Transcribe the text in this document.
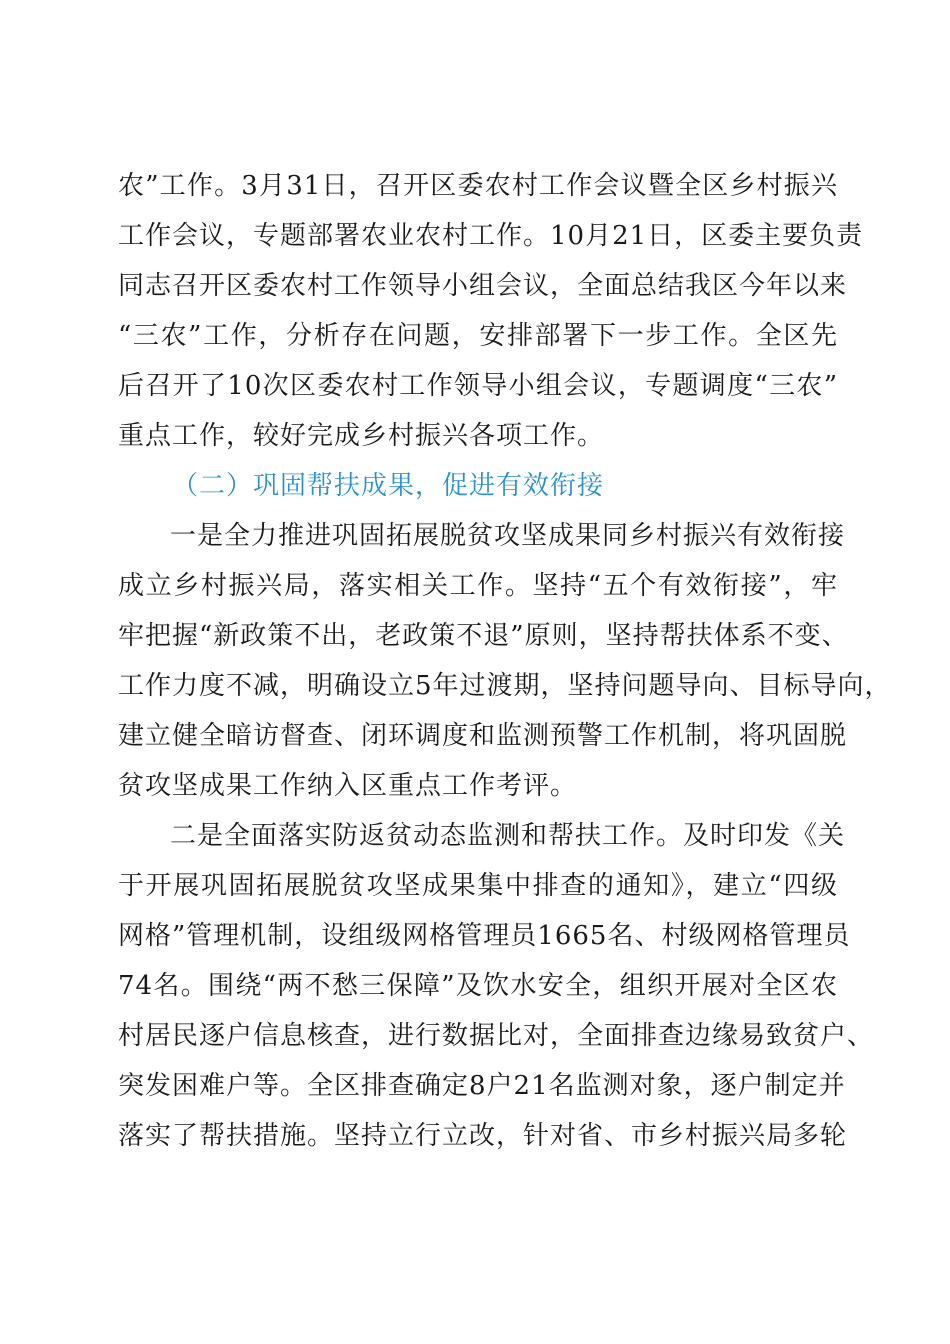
农”工作。3月31日，召开区委农村工作会议暨全区乡村振兴
工作会议，专题部署农业农村工作。10月21日，区委主要负责
同志召开区委农村工作领导小组会议，全面总结我区今年以来
“三农”工作，分析存在问题，安排部署下一步工作。全区先
后召开了10次区委农村工作领导小组会议，专题调度“三农”
重点工作，较好完成乡村振兴各项工作。
（二）巩固帮扶成果，促进有效衔接
一是全力推进巩固拓展脱贫攻坚成果同乡村振兴有效衔接
成立乡村振兴局，落实相关工作。坚持“五个有效衔接”，牢
牢把握“新政策不出，老政策不退”原则，坚持帮扶体系不变、
工作力度不减，明确设立5年过渡期，坚持问题导向、目标导向，
建立健全暗访督查、闭环调度和监测预警工作机制，将巩固脱
贫攻坚成果工作纳入区重点工作考评。
二是全面落实防返贫动态监测和帮扶工作。及时印发《关
于开展巩固拓展脱贫攻坚成果集中排查的通知》，建立“四级
网格”管理机制，设组级网格管理员1665名、村级网格管理员
74名。围绕“两不愁三保障”及饮水安全，组织开展对全区农
村居民逐户信息核查，进行数据比对，全面排查边缘易致贫户、
突发困难户等。全区排查确定8户21名监测对象，逐户制定并
落实了帮扶措施。坚持立行立改，针对省、市乡村振兴局多轮
